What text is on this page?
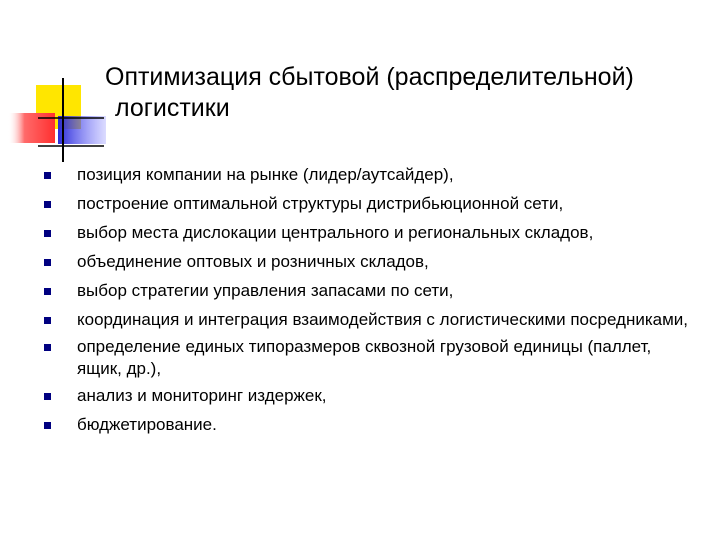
Оптимизация сбытовой (распределительной)
логистики
позиция компании на рынке (лидер/аутсайдер),
построение оптимальной структуры дистрибьюционной сети,
выбор места дислокации центрального и региональных складов,
объединение оптовых и розничных складов,
выбор стратегии управления запасами по сети,
координация и интеграция взаимодействия с логистическими посредниками,
определение единых типоразмеров сквозной грузовой единицы (паллет, ящик, др.),
анализ и мониторинг издержек,
бюджетирование.
